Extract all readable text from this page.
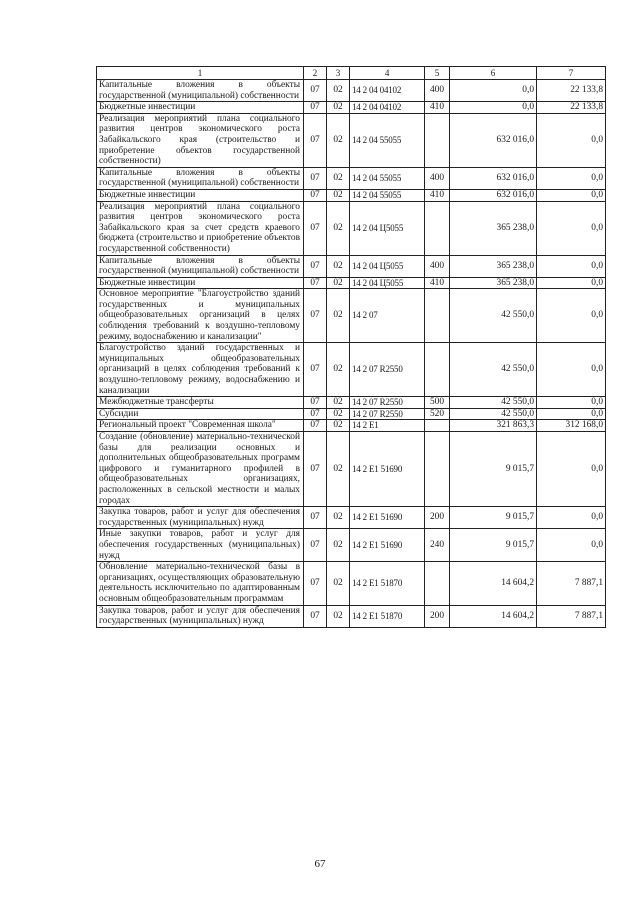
1	2	3	4	5	6	7
Капитальные вложения в объекты государственной (муниципальной) собственности	07	02	14 2 04 04102	400	0,0	22 133,8
Бюджетные инвестиции	07	02	14 2 04 04102	410	0,0	22 133,8
Реализация мероприятий плана социального развития центров экономического роста Забайкальского края (строительство и приобретение объектов государственной собственности)	07	02	14 2 04 55055		632 016,0	0,0
Капитальные вложения в объекты государственной (муниципальной) собственности	07	02	14 2 04 55055	400	632 016,0	0,0
Бюджетные инвестиции	07	02	14 2 04 55055	410	632 016,0	0,0
Реализация мероприятий плана социального развития центров экономического роста Забайкальского края за счет средств краевого бюджета (строительство и приобретение объектов государственной собственности)	07	02	14 2 04 Ц5055		365 238,0	0,0
Капитальные вложения в объекты государственной (муниципальной) собственности	07	02	14 2 04 Ц5055	400	365 238,0	0,0
Бюджетные инвестиции	07	02	14 2 04 Ц5055	410	365 238,0	0,0
Основное мероприятие "Благоустройство зданий государственных и муниципальных общеобразовательных организаций в целях соблюдения требований к воздушно-тепловому режиму, водоснабжению и канализации"	07	02	14 2 07		42 550,0	0,0
Благоустройство зданий государственных и муниципальных общеобразовательных организаций в целях соблюдения требований к воздушно-тепловому режиму, водоснабжению и канализации	07	02	14 2 07 R2550		42 550,0	0,0
Межбюджетные трансферты	07	02	14 2 07 R2550	500	42 550,0	0,0
Субсидии	07	02	14 2 07 R2550	520	42 550,0	0,0
Региональный проект "Современная школа"	07	02	14 2 E1		321 863,3	312 168,0
Создание (обновление) материально-технической базы для реализации основных и дополнительных общеобразовательных программ цифрового и гуманитарного профилей в общеобразовательных организациях, расположенных в сельской местности и малых городах	07	02	14 2 E1 51690		9 015,7	0,0
Закупка товаров, работ и услуг для обеспечения государственных (муниципальных) нужд	07	02	14 2 E1 51690	200	9 015,7	0,0
Иные закупки товаров, работ и услуг для обеспечения государственных (муниципальных) нужд	07	02	14 2 E1 51690	240	9 015,7	0,0
Обновление материально-технической базы в организациях, осуществляющих образовательную деятельность исключительно по адаптированным основным общеобразовательным программам	07	02	14 2 E1 51870		14 604,2	7 887,1
Закупка товаров, работ и услуг для обеспечения государственных (муниципальных) нужд	07	02	14 2 E1 51870	200	14 604,2	7 887,1
67
